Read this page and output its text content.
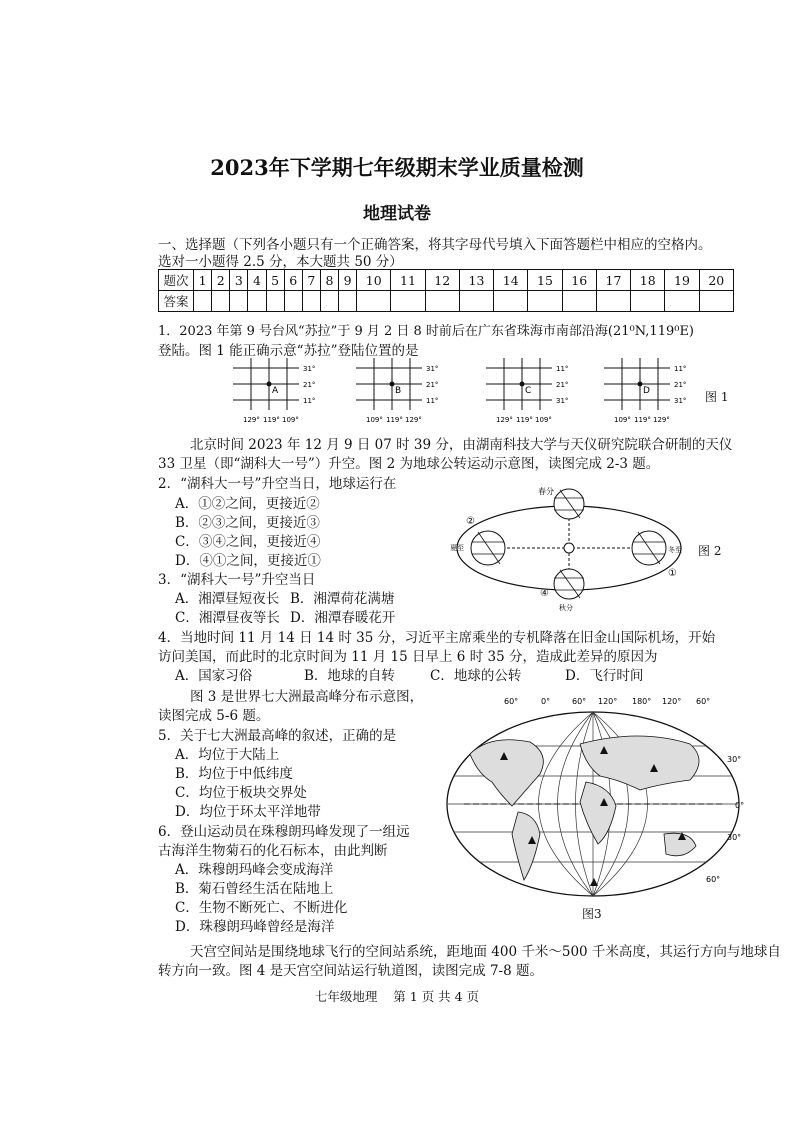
2023年下学期七年级期末学业质量检测
地理试卷
一、选择题（下列各小题只有一个正确答案，将其字母代号填入下面答题栏中相应的空格内。
选对一小题得 2.5 分，本大题共 50 分）
题次	1	2	3	4	5	6	7	8	9	10	11	12	13	14	15	16	17	18	19	20
答案																				
1．2023 年第 9 号台风“苏拉”于 9 月 2 日 8 时前后在广东省珠海市南部沿海(21⁰N,119⁰E)
登陆。图 1 能正确示意“苏拉”登陆位置的是
A
31°
21°
11°
129° 119° 109°
B
31°
21°
11°
109° 119° 129°
C
11°
21°
31°
129° 119° 109°
D
11°
21°
31°
109° 119° 129°
图 1
北京时间 2023 年 12 月 9 日 07 时 39 分，由湖南科技大学与天仪研究院联合研制的天仪
33 卫星（即“湖科大一号”）升空。图 2 为地球公转运动示意图，读图完成 2-3 题。
2．“湖科大一号”升空当日，地球运行在
A．①②之间，更接近②
B．②③之间，更接近③
C．③④之间，更接近④
D．④①之间，更接近①
②
④
①
春分
夏至	冬至
秋分
图 2
3．“湖科大一号”升空当日
A．湘潭昼短夜长 B．湘潭荷花满塘
C．湘潭昼夜等长 D．湘潭春暖花开
4．当地时间 11 月 14 日 14 时 35 分，习近平主席乘坐的专机降落在旧金山国际机场，开始
访问美国，而此时的北京时间为 11 月 15 日早上 6 时 35 分，造成此差异的原因为
A．国家习俗	B．地球的自转	C．地球的公转	D．飞行时间
图 3 是世界七大洲最高峰分布示意图，
读图完成 5-6 题。
5．关于七大洲最高峰的叙述，正确的是
A．均位于大陆上
B．均位于中低纬度
C．均位于板块交界处
D．均位于环太平洋地带
6．登山运动员在珠穆朗玛峰发现了一组远
古海洋生物菊石的化石标本，由此判断
A．珠穆朗玛峰会变成海洋
B．菊石曾经生活在陆地上
C．生物不断死亡、不断进化
D．珠穆朗玛峰曾经是海洋
60°	0°	60° 120° 180° 120° 60°
30°
0°
30°
60°
图3
天宫空间站是围绕地球飞行的空间站系统，距地面 400 千米～500 千米高度，其运行方向与地球自
转方向一致。图 4 是天宫空间站运行轨道图，读图完成 7-8 题。
七年级地理    第 1 页 共 4 页
